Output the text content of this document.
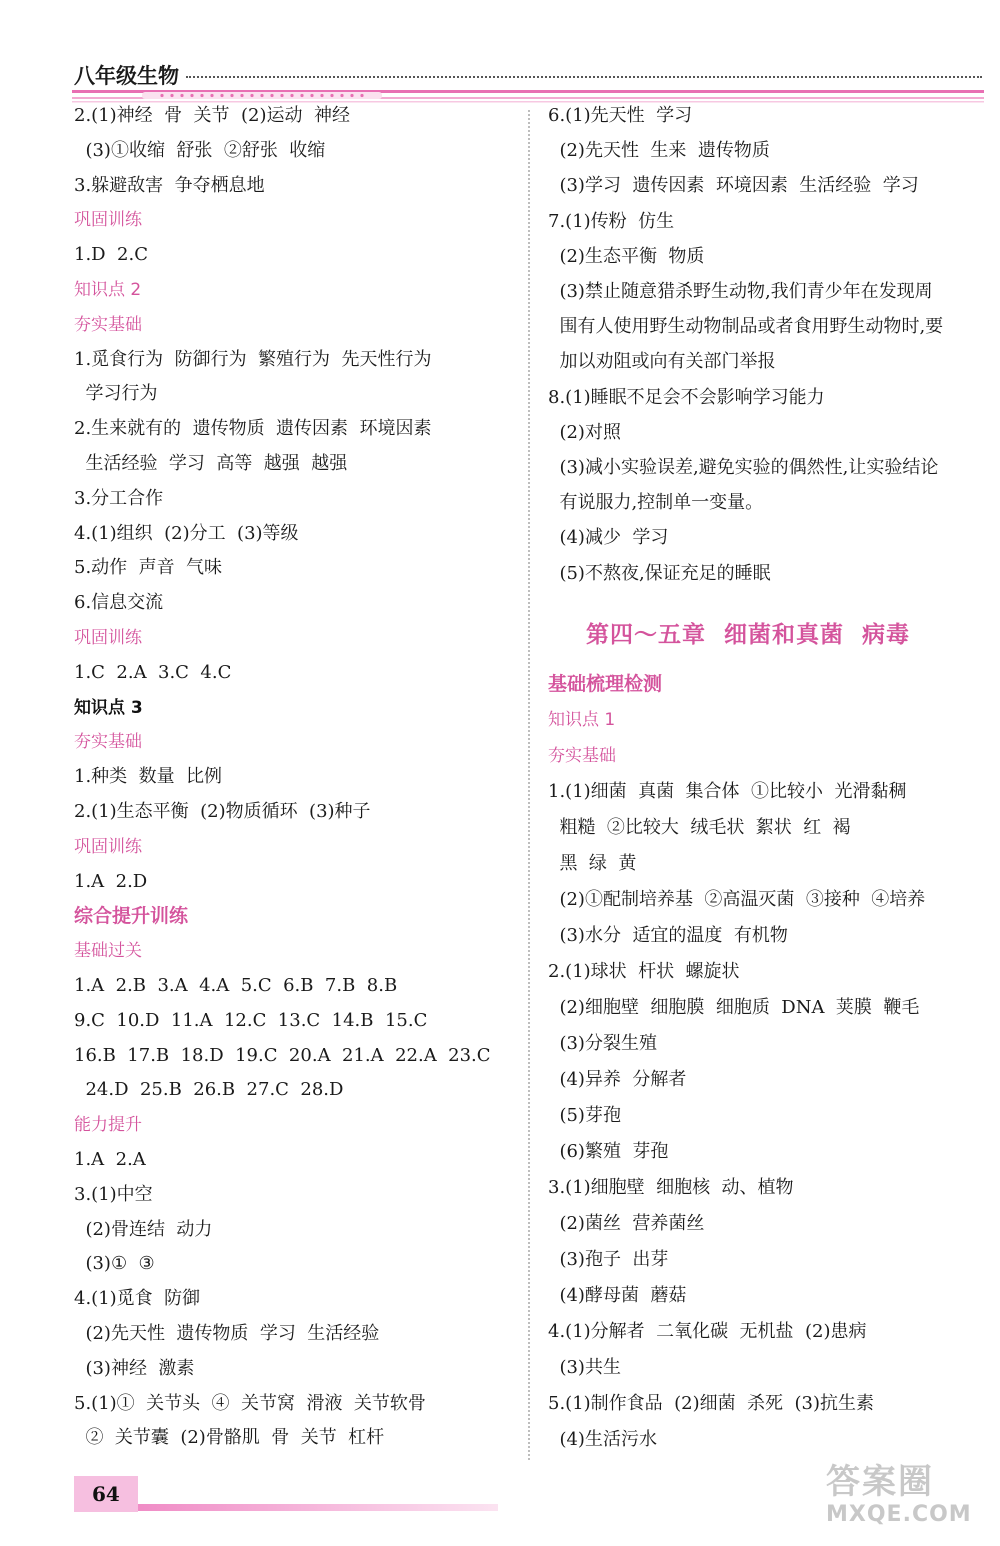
八年级生物
2.(1)神经  骨  关节  (2)运动  神经
(3)①收缩  舒张  ②舒张  收缩
3.躲避敌害  争夺栖息地
巩固训练
1.D  2.C
知识点 2
夯实基础
1.觅食行为  防御行为  繁殖行为  先天性行为
学习行为
2.生来就有的  遗传物质  遗传因素  环境因素
生活经验  学习  高等  越强  越强
3.分工合作
4.(1)组织  (2)分工  (3)等级
5.动作  声音  气味
6.信息交流
巩固训练
1.C  2.A  3.C  4.C
知识点 3
夯实基础
1.种类  数量  比例
2.(1)生态平衡  (2)物质循环  (3)种子
巩固训练
1.A  2.D
综合提升训练
基础过关
1.A  2.B  3.A  4.A  5.C  6.B  7.B  8.B
9.C  10.D  11.A  12.C  13.C  14.B  15.C
16.B  17.B  18.D  19.C  20.A  21.A  22.A  23.C
24.D  25.B  26.B  27.C  28.D
能力提升
1.A  2.A
3.(1)中空
(2)骨连结  动力
(3)①  ③
4.(1)觅食  防御
(2)先天性  遗传物质  学习  生活经验
(3)神经  激素
5.(1)①  关节头  ④  关节窝  滑液  关节软骨
②  关节囊  (2)骨骼肌  骨  关节  杠杆
6.(1)先天性  学习
(2)先天性  生来  遗传物质
(3)学习  遗传因素  环境因素  生活经验  学习
7.(1)传粉  仿生
(2)生态平衡  物质
(3)禁止随意猎杀野生动物,我们青少年在发现周
围有人使用野生动物制品或者食用野生动物时,要
加以劝阻或向有关部门举报
8.(1)睡眠不足会不会影响学习能力
(2)对照
(3)减小实验误差,避免实验的偶然性,让实验结论
有说服力,控制单一变量。
(4)减少  学习
(5)不熬夜,保证充足的睡眠
第四～五章  细菌和真菌  病毒
基础梳理检测
知识点 1
夯实基础
1.(1)细菌  真菌  集合体  ①比较小  光滑黏稠
粗糙  ②比较大  绒毛状  絮状  红  褐
黑  绿  黄
(2)①配制培养基  ②高温灭菌  ③接种  ④培养
(3)水分  适宜的温度  有机物
2.(1)球状  杆状  螺旋状
(2)细胞壁  细胞膜  细胞质  DNA  荚膜  鞭毛
(3)分裂生殖
(4)异养  分解者
(5)芽孢
(6)繁殖  芽孢
3.(1)细胞壁  细胞核  动、植物
(2)菌丝  营养菌丝
(3)孢子  出芽
(4)酵母菌  蘑菇
4.(1)分解者  二氧化碳  无机盐  (2)患病
(3)共生
5.(1)制作食品  (2)细菌  杀死  (3)抗生素
(4)生活污水
64	答案圈
MXQE.COM
